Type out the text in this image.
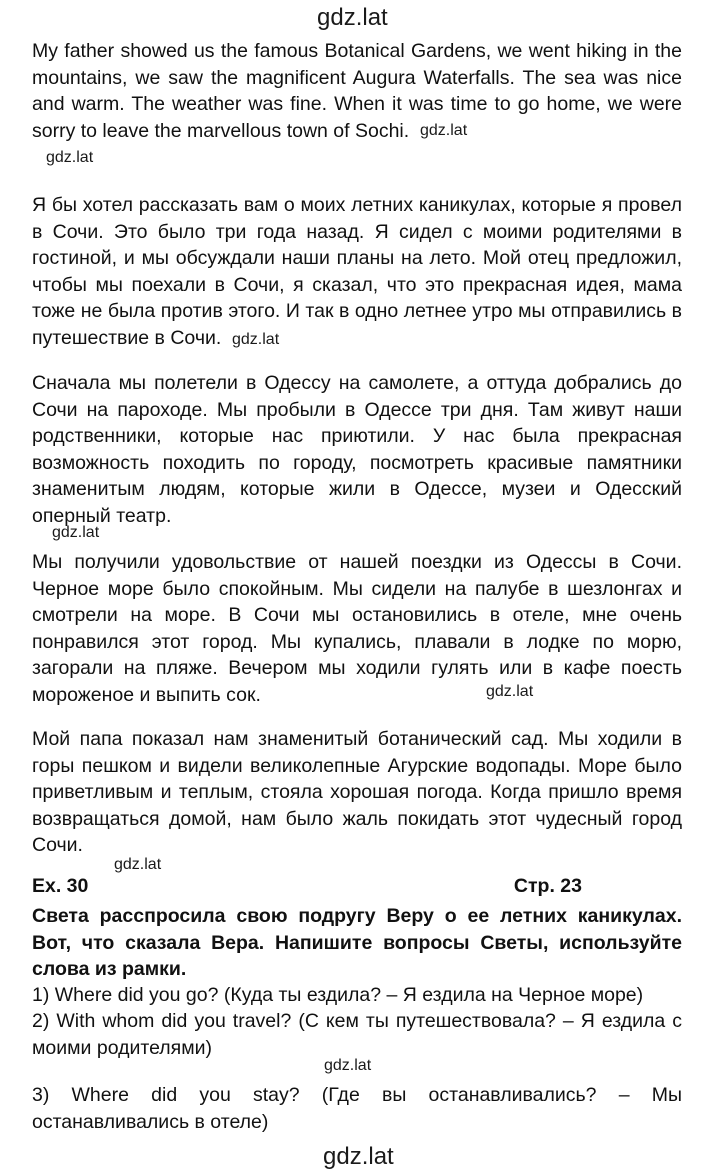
gdz.lat

My father showed us the famous Botanical Gardens, we went hiking in the mountains, we saw the magnificent Augura Waterfalls. The sea was nice and warm. The weather was fine. When it was time to go home, we were sorry to leave the marvellous town of Sochi. gdz.lat
gdz.lat

Я бы хотел рассказать вам о моих летних каникулах, которые я провел в Сочи. Это было три года назад. Я сидел с моими родителями в гостиной, и мы обсуждали наши планы на лето. Мой отец предложил, чтобы мы поехали в Сочи, я сказал, что это прекрасная идея, мама тоже не была против этого. И так в одно летнее утро мы отправились в путешествие в Сочи. gdz.lat

Сначала мы полетели в Одессу на самолете, а оттуда добрались до Сочи на пароходе. Мы пробыли в Одессе три дня. Там живут наши родственники, которые нас приютили. У нас была прекрасная возможность походить по городу, посмотреть красивые памятники знаменитым людям, которые жили в Одессе, музеи и Одесский оперный театр.

gdz.lat

Мы получили удовольствие от нашей поездки из Одессы в Сочи. Черное море было спокойным. Мы сидели на палубе в шезлонгах и смотрели на море. В Сочи мы остановились в отеле, мне очень понравился этот город. Мы купались, плавали в лодке по морю, загорали на пляже. Вечером мы ходили гулять или в кафе поесть мороженое и выпить сок.	gdz.lat

Мой папа показал нам знаменитый ботанический сад. Мы ходили в горы пешком и видели великолепные Агурские водопады. Море было приветливым и теплым, стояла хорошая погода. Когда пришло время возвращаться домой, нам было жаль покидать этот чудесный город Сочи.

gdz.lat
Ex. 30	Стр. 23

Света расспросила свою подругу Веру о ее летних каникулах. Вот, что сказала Вера. Напишите вопросы Светы, используйте слова из рамки.

1) Where did you go? (Куда ты ездила? – Я ездила на Черное море)

2) With whom did you travel? (С кем ты путешествовала? – Я ездила с моими родителями)

gdz.lat

3) Where did you stay? (Где вы останавливались? – Мы останавливались в отеле)

gdz.lat
